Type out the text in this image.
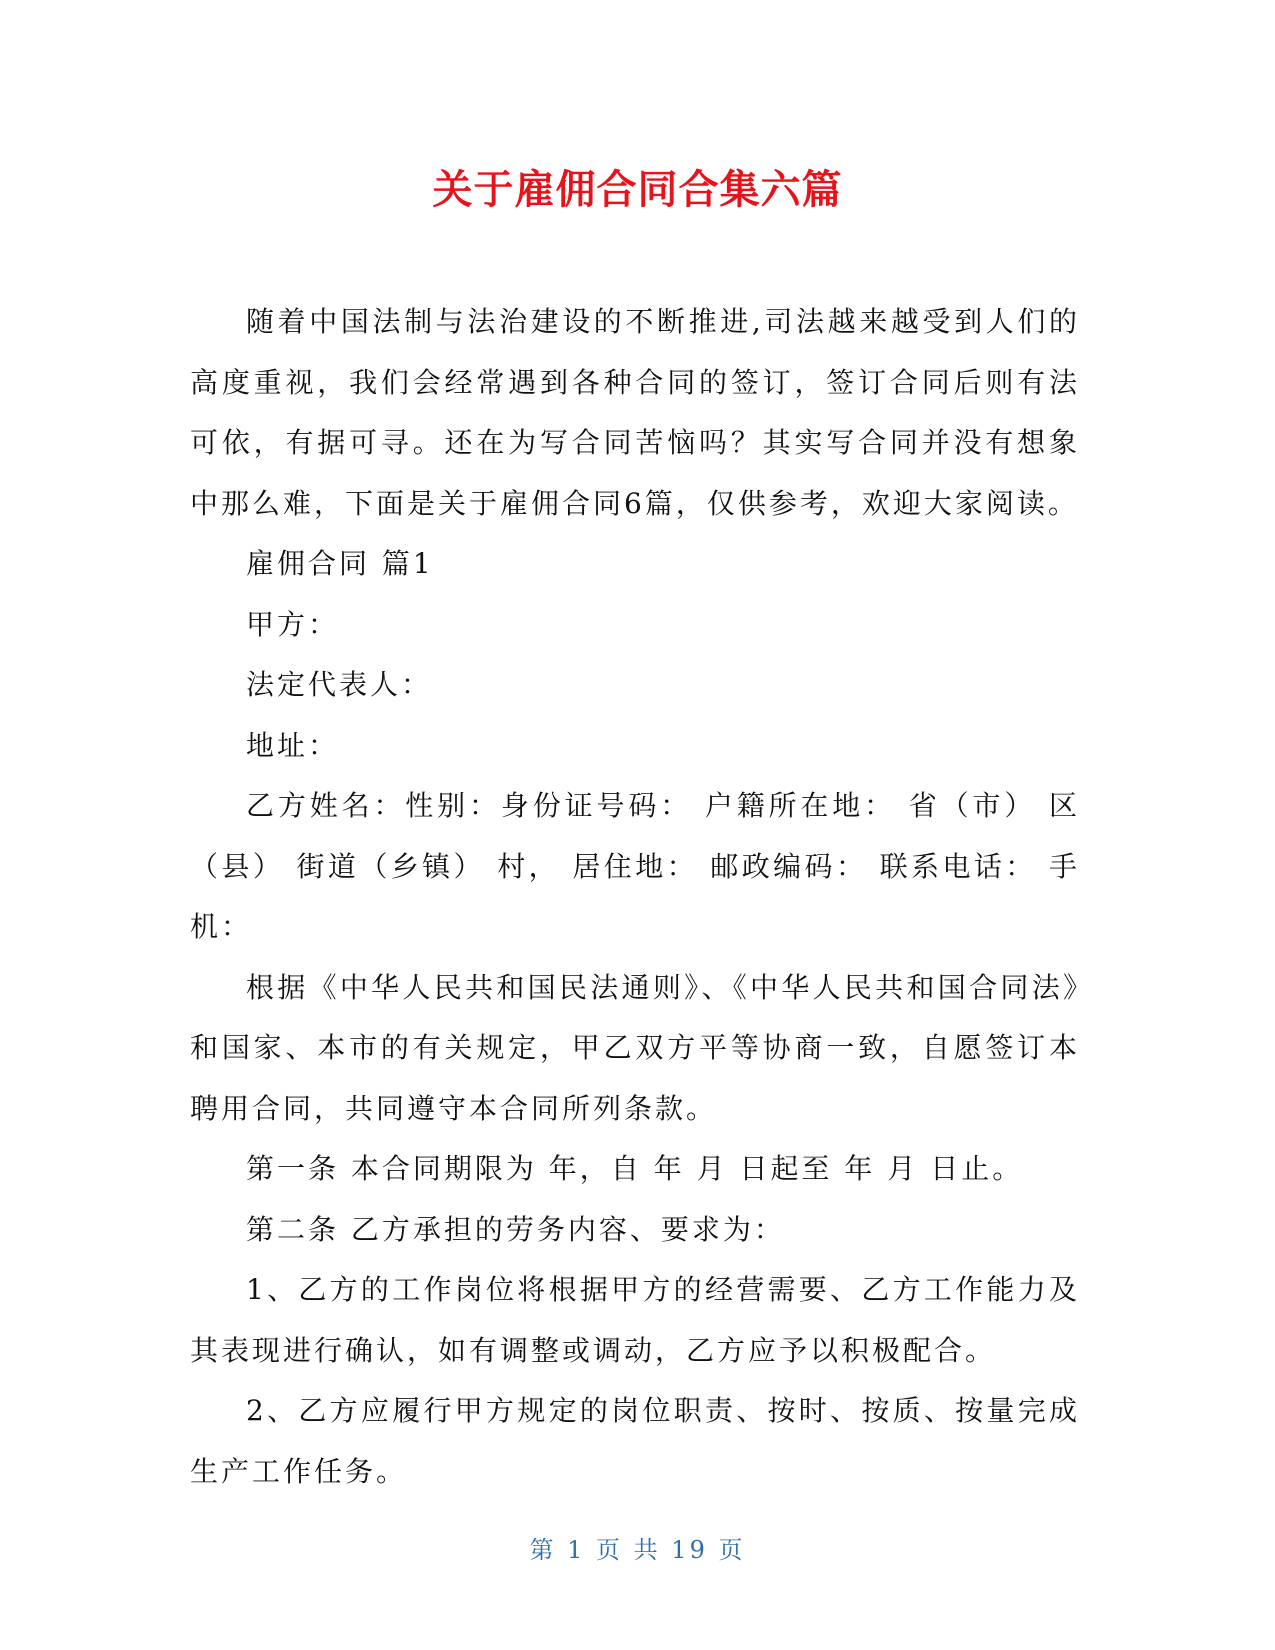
关于雇佣合同合集六篇

随着中国法制与法治建设的不断推进,司法越来越受到人们的高度重视，我们会经常遇到各种合同的签订，签订合同后则有法可依，有据可寻。还在为写合同苦恼吗？其实写合同并没有想象中那么难，下面是关于雇佣合同6篇，仅供参考，欢迎大家阅读。

雇佣合同 篇1

甲方：

法定代表人：

地址：

乙方姓名：性别：身份证号码： 户籍所在地： 省（市） 区（县） 街道（乡镇） 村， 居住地： 邮政编码： 联系电话： 手机：

根据《中华人民共和国民法通则》、《中华人民共和国合同法》和国家、本市的有关规定，甲乙双方平等协商一致，自愿签订本聘用合同，共同遵守本合同所列条款。

第一条 本合同期限为 年，自 年 月 日起至 年 月 日止。

第二条 乙方承担的劳务内容、要求为：

1、乙方的工作岗位将根据甲方的经营需要、乙方工作能力及其表现进行确认，如有调整或调动，乙方应予以积极配合。

2、乙方应履行甲方规定的岗位职责、按时、按质、按量完成生产工作任务。

第 1 页 共 19 页
